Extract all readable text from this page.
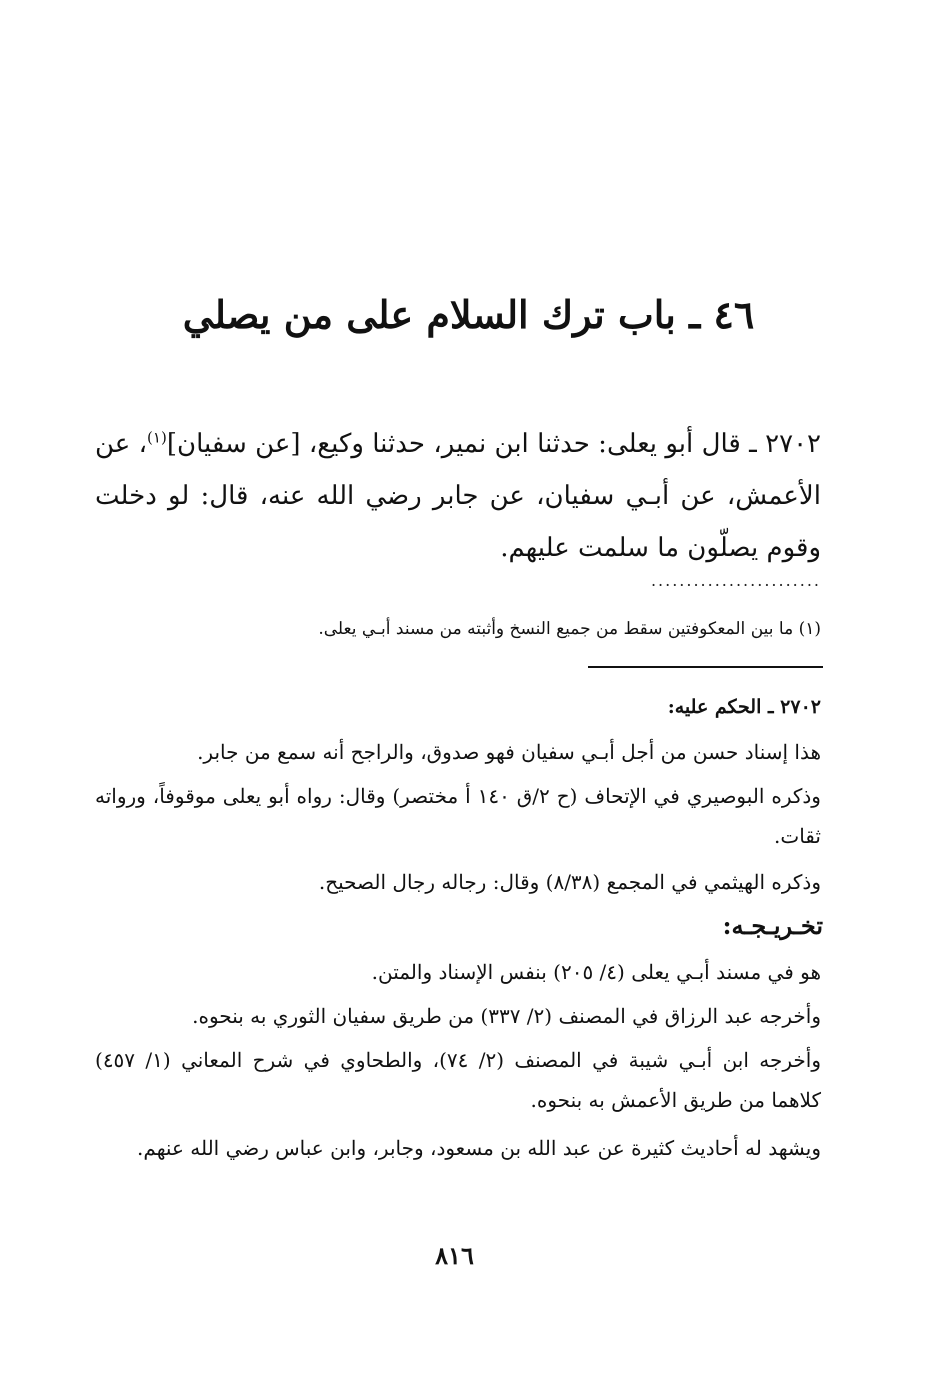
٤٦ ـ باب ترك السلام على من يصلي

٢٧٠٢ ـ قال أبو يعلى: حدثنا ابن نمير، حدثنا وكيع، [عن سفيان]$^{(١)}$، عن الأعمش، عن أبـي سفيان، عن جابر رضي الله عنه، قال: لو دخلت وقوم يصلّون ما سلمت عليهم.

........................

(١) ما بين المعكوفتين سقط من جميع النسخ وأثبته من مسند أبـي يعلى.

٢٧٠٢ ـ الحكم عليه:

هذا إسناد حسن من أجل أبـي سفيان فهو صدوق، والراجح أنه سمع من جابر.

وذكره البوصيري في الإتحاف (ح ٢/ق ١٤٠ أ مختصر) وقال: رواه أبو يعلى موقوفاً، ورواته ثقات.

وذكره الهيثمي في المجمع (٨/٣٨) وقال: رجاله رجال الصحيح.

تخـريـجـه:

هو في مسند أبـي يعلى (٤/ ٢٠٥) بنفس الإسناد والمتن.

وأخرجه عبد الرزاق في المصنف (٢/ ٣٣٧) من طريق سفيان الثوري به بنحوه.

وأخرجه ابن أبـي شيبة في المصنف (٢/ ٧٤)، والطحاوي في شرح المعاني (١/ ٤٥٧) كلاهما من طريق الأعمش به بنحوه.

ويشهد له أحاديث كثيرة عن عبد الله بن مسعود، وجابر، وابن عباس رضي الله عنهم.

٨١٦
